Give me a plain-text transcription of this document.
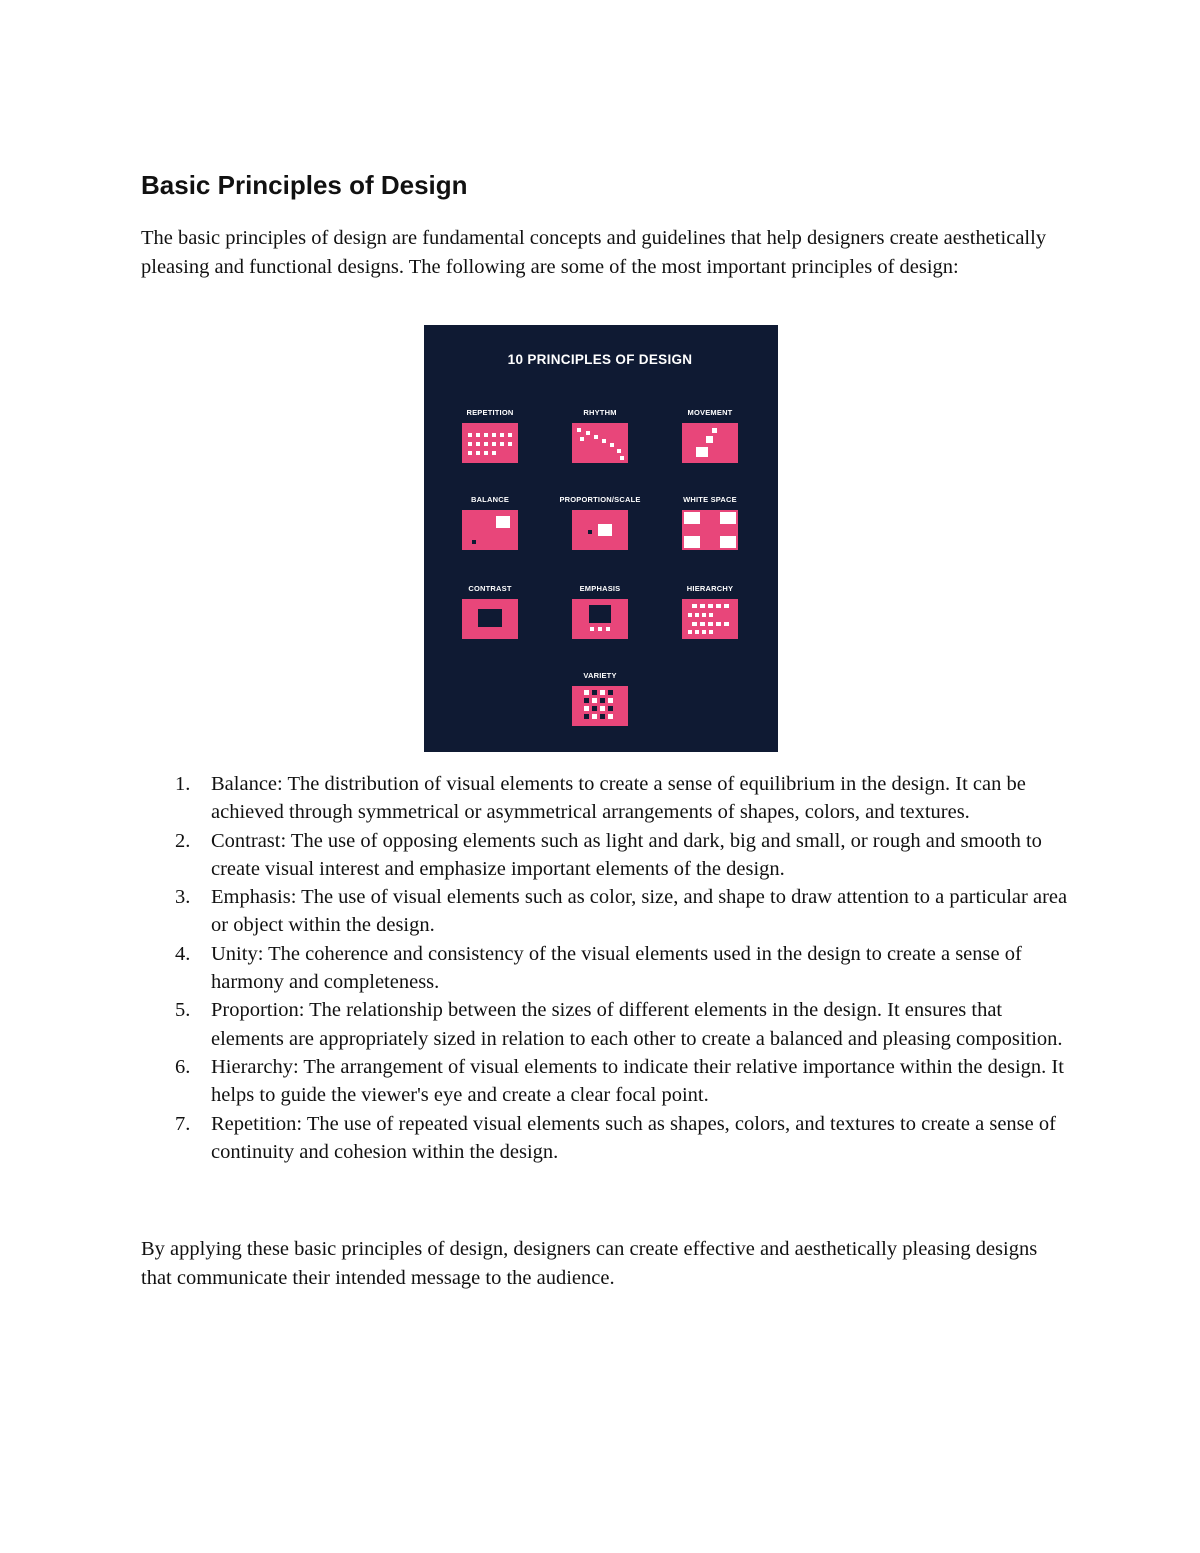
Basic Principles of Design

The basic principles of design are fundamental concepts and guidelines that help designers create aesthetically pleasing and functional designs. The following are some of the most important principles of design:

10 PRINCIPLES OF DESIGN
REPETITION	RHYTHM	MOVEMENT
BALANCE	PROPORTION/SCALE	WHITE SPACE
CONTRAST	EMPHASIS	HIERARCHY
VARIETY
1. Balance: The distribution of visual elements to create a sense of equilibrium in the design. It can be achieved through symmetrical or asymmetrical arrangements of shapes, colors, and textures.
2. Contrast: The use of opposing elements such as light and dark, big and small, or rough and smooth to create visual interest and emphasize important elements of the design.
3. Emphasis: The use of visual elements such as color, size, and shape to draw attention to a particular area or object within the design.
4. Unity: The coherence and consistency of the visual elements used in the design to create a sense of harmony and completeness.
5. Proportion: The relationship between the sizes of different elements in the design. It ensures that elements are appropriately sized in relation to each other to create a balanced and pleasing composition.
6. Hierarchy: The arrangement of visual elements to indicate their relative importance within the design. It helps to guide the viewer's eye and create a clear focal point.
7. Repetition: The use of repeated visual elements such as shapes, colors, and textures to create a sense of continuity and cohesion within the design.

By applying these basic principles of design, designers can create effective and aesthetically pleasing designs that communicate their intended message to the audience.
